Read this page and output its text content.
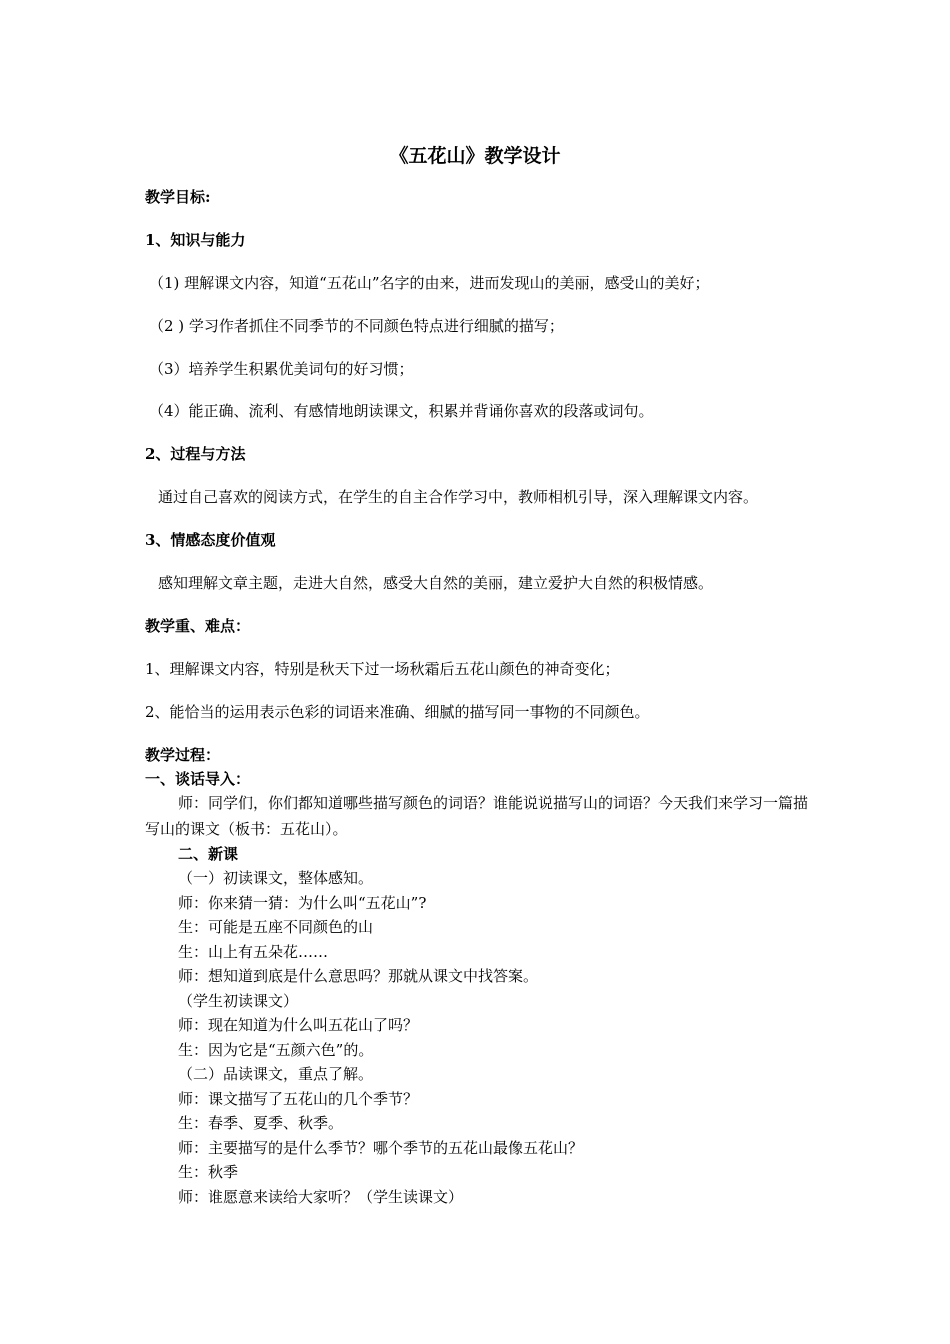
《五花山》教学设计
教学目标:
1、知识与能力
（1) 理解课文内容，知道“五花山”名字的由来，进而发现山的美丽，感受山的美好；
（2 ) 学习作者抓住不同季节的不同颜色特点进行细腻的描写；
（3）培养学生积累优美词句的好习惯；
（4）能正确、流利、有感情地朗读课文，积累并背诵你喜欢的段落或词句。
2、过程与方法
通过自己喜欢的阅读方式，在学生的自主合作学习中，教师相机引导，深入理解课文内容。
3、情感态度价值观
感知理解文章主题，走进大自然，感受大自然的美丽，建立爱护大自然的积极情感。
教学重、难点：
1、理解课文内容，特别是秋天下过一场秋霜后五花山颜色的神奇变化；
2、能恰当的运用表示色彩的词语来准确、细腻的描写同一事物的不同颜色。
教学过程：
一、谈话导入：
师：同学们，你们都知道哪些描写颜色的词语？谁能说说描写山的词语？今天我们来学习一篇描写山的课文（板书：五花山）。
二、新课
（一）初读课文，整体感知。
师：你来猜一猜：为什么叫“五花山”?
生：可能是五座不同颜色的山
生：山上有五朵花……
师：想知道到底是什么意思吗？那就从课文中找答案。
（学生初读课文）
师：现在知道为什么叫五花山了吗？
生：因为它是“五颜六色”的。
（二）品读课文，重点了解。
师：课文描写了五花山的几个季节？
生：春季、夏季、秋季。
师：主要描写的是什么季节？哪个季节的五花山最像五花山？
生：秋季
师：谁愿意来读给大家听？（学生读课文）
